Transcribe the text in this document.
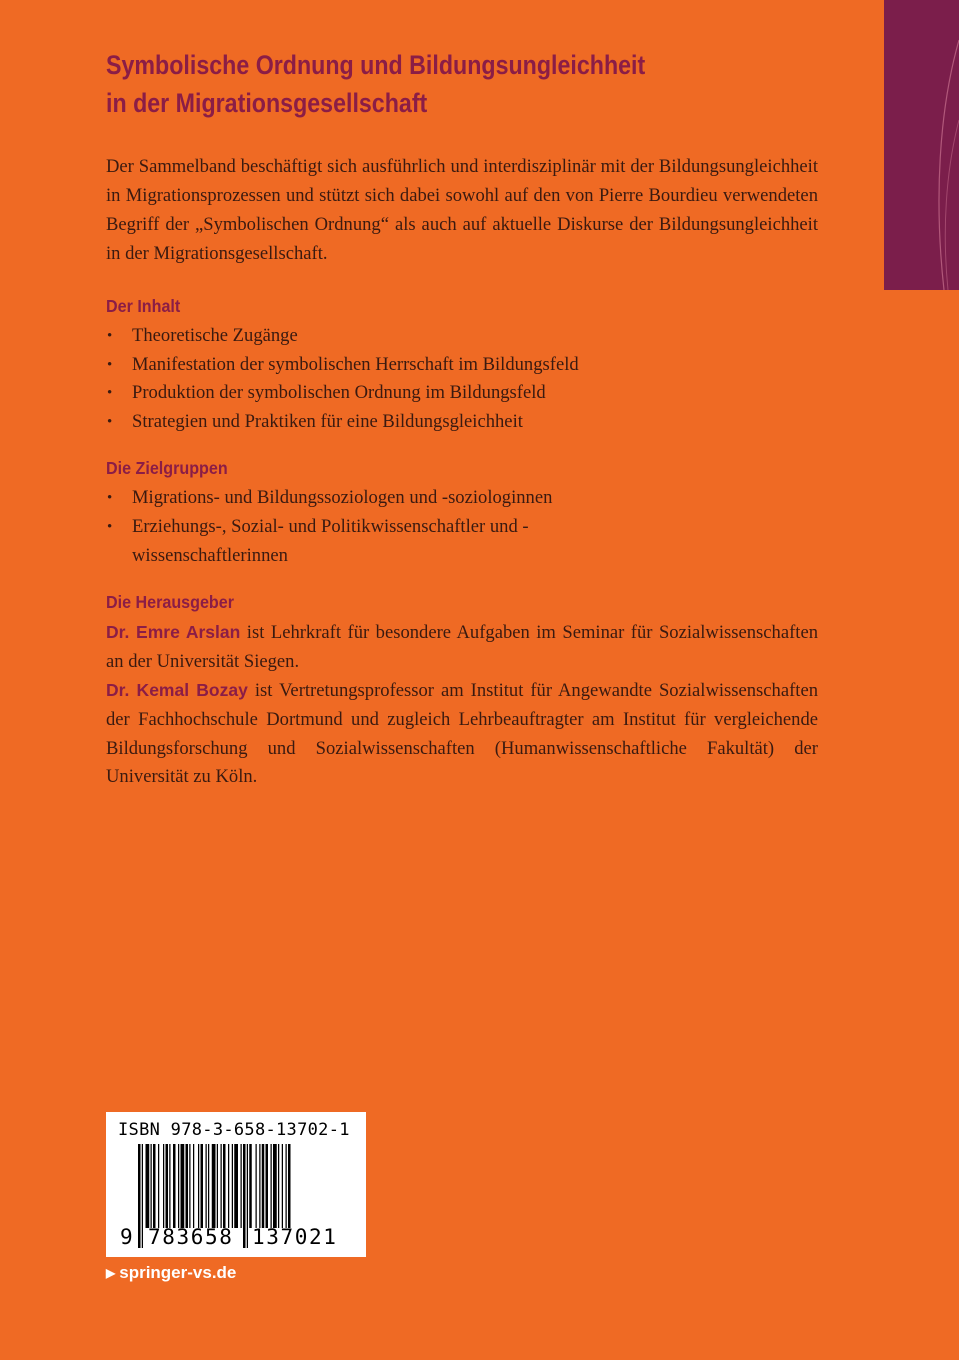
Symbolische Ordnung und Bildungsungleichheit
in der Migrationsgesellschaft

Der Sammelband beschäftigt sich ausführlich und interdisziplinär mit der Bildungsungleichheit in Migrationsprozessen und stützt sich dabei sowohl auf den von Pierre Bourdieu verwendeten Begriff der „Symbolischen Ordnung“ als auch auf aktuelle Diskurse der Bildungsungleichheit in der Migrationsgesellschaft.

Der Inhalt
• Theoretische Zugänge
• Manifestation der symbolischen Herrschaft im Bildungsfeld
• Produktion der symbolischen Ordnung im Bildungsfeld
• Strategien und Praktiken für eine Bildungsgleichheit
Die Zielgruppen
• Migrations- und Bildungssoziologen und -soziologinnen
• Erziehungs-, Sozial- und Politikwissenschaftler und -wissenschaftlerinnen
Die Herausgeber

Dr. Emre Arslan ist Lehrkraft für besondere Aufgaben im Seminar für Sozialwissenschaften an der Universität Siegen.

Dr. Kemal Bozay ist Vertretungsprofessor am Institut für Angewandte Sozialwissenschaften der Fachhochschule Dortmund und zugleich Lehrbeauftragter am Institut für vergleichende Bildungsforschung und Sozialwissenschaften (Humanwissenschaftliche Fakultät) der Universität zu Köln.

ISBN 978-3-658-13702-1
9 783658 137021
▶ springer-vs.de
